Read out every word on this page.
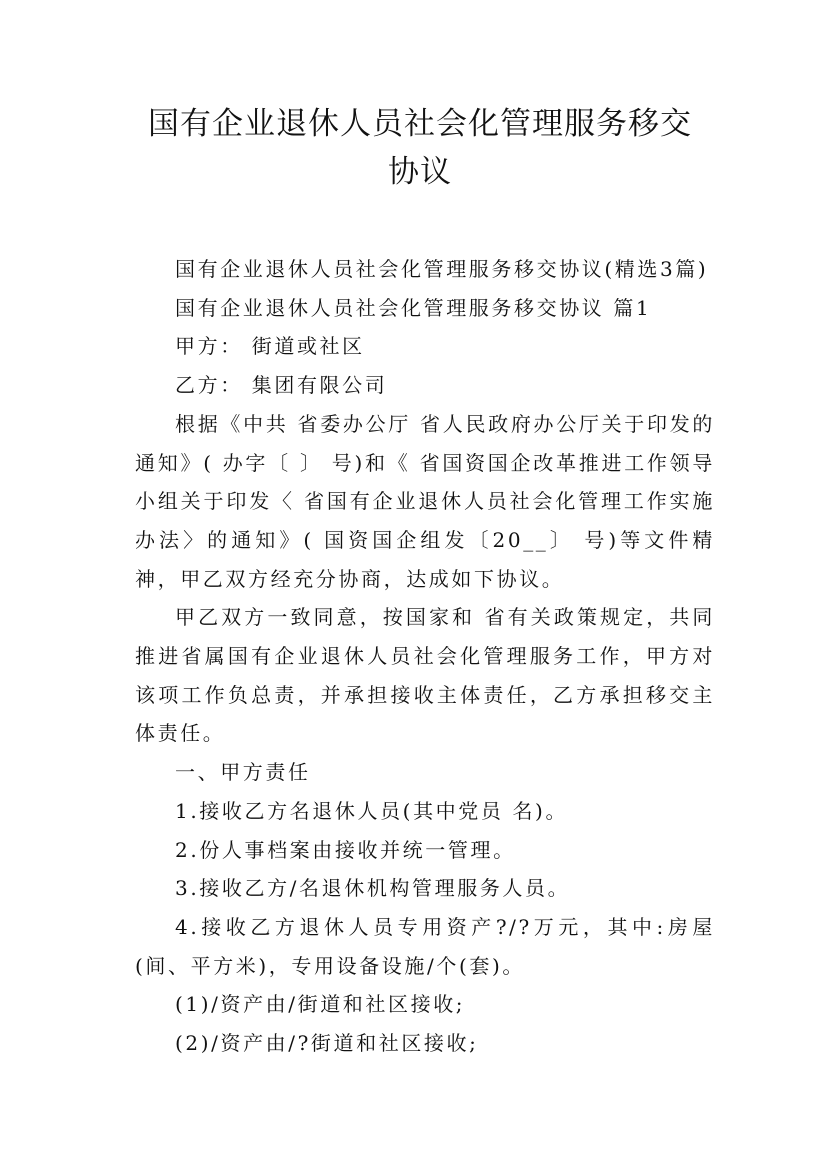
国有企业退休人员社会化管理服务移交协议

国有企业退休人员社会化管理服务移交协议(精选3篇)

国有企业退休人员社会化管理服务移交协议 篇1

甲方： 街道或社区

乙方： 集团有限公司

根据《中共 省委办公厅 省人民政府办公厅关于印发的通知》( 办字〔 〕 号)和《 省国资国企改革推进工作领导小组关于印发〈 省国有企业退休人员社会化管理工作实施办法〉的通知》( 国资国企组发〔20__〕 号)等文件精神，甲乙双方经充分协商，达成如下协议。

甲乙双方一致同意，按国家和 省有关政策规定，共同推进省属国有企业退休人员社会化管理服务工作，甲方对该项工作负总责，并承担接收主体责任，乙方承担移交主体责任。

一、甲方责任

1.接收乙方名退休人员(其中党员 名)。

2.份人事档案由接收并统一管理。

3.接收乙方/名退休机构管理服务人员。

4.接收乙方退休人员专用资产?/?万元，其中:房屋(间、平方米)，专用设备设施/个(套)。

(1)/资产由/街道和社区接收;

(2)/资产由/?街道和社区接收;
